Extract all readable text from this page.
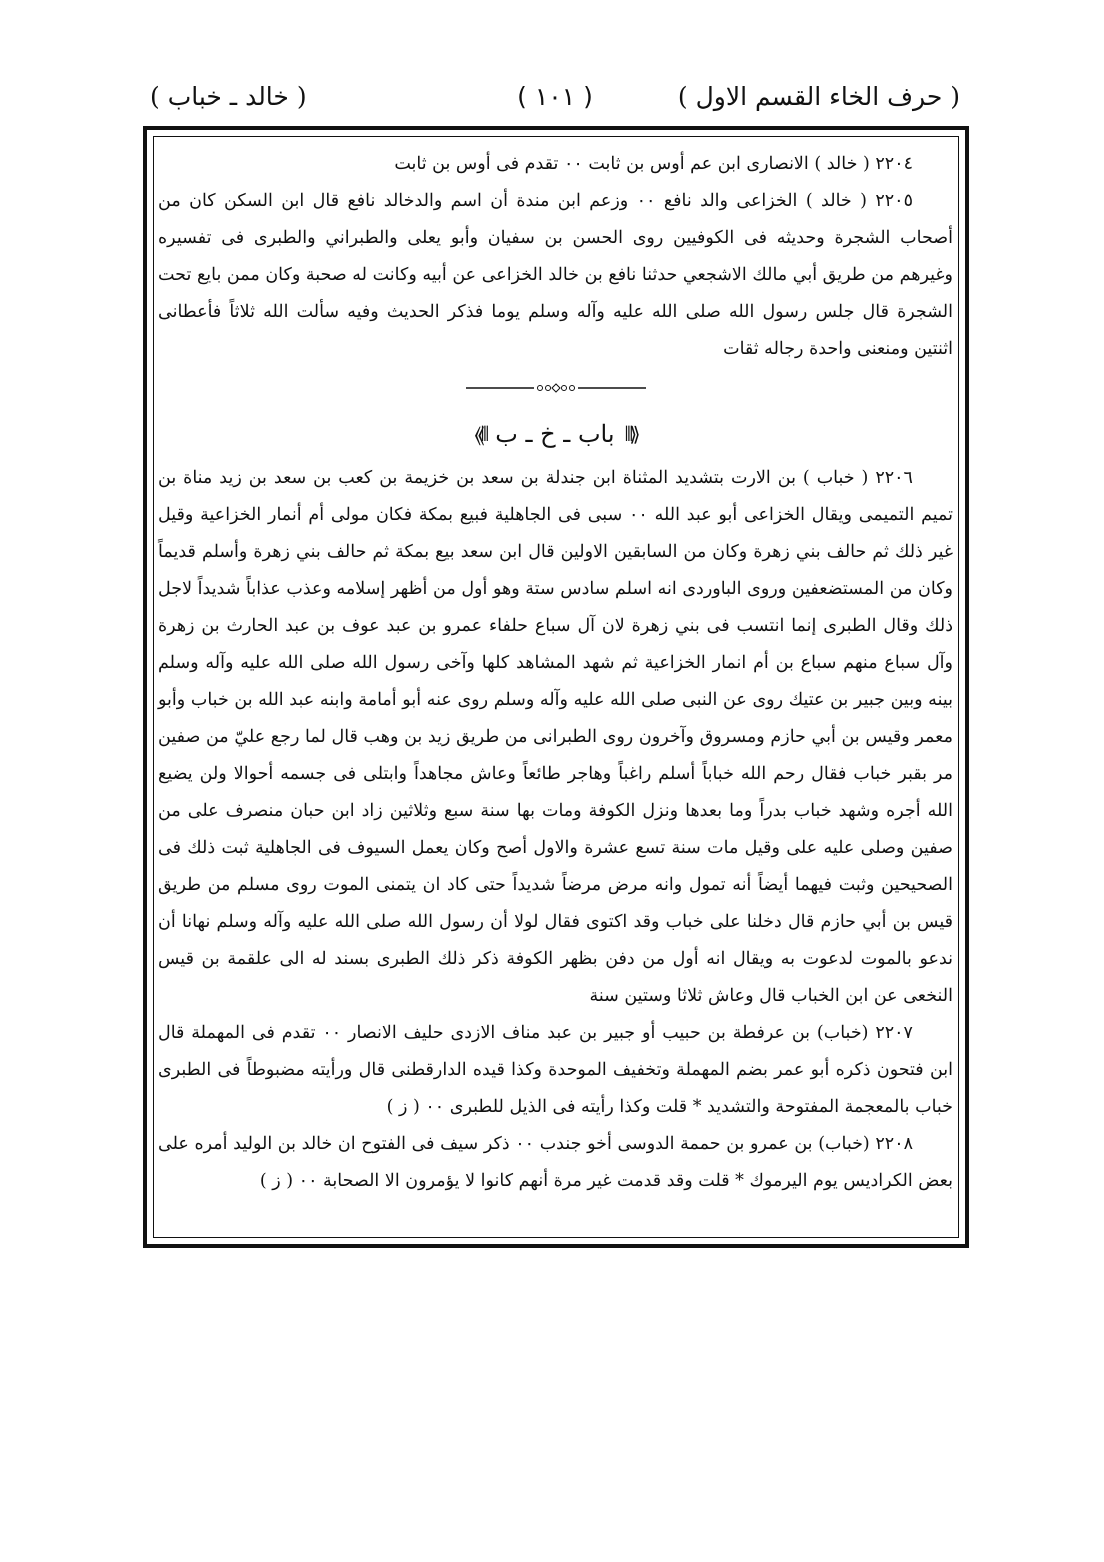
( حرف الخاء القسم الاول )
( ١٠١ )
( خالد ـ خباب )

٢٢٠٤ ( خالد ) الانصارى ابن عم أوس بن ثابت ٠٠ تقدم فى أوس بن ثابت

٢٢٠٥ ( خالد ) الخزاعى والد نافع ٠٠ وزعم ابن مندة أن اسم والدخالد نافع قال ابن السكن كان من أصحاب الشجرة وحديثه فى الكوفيين روى الحسن بن سفيان وأبو يعلى والطبراني والطبرى فى تفسيره وغيرهم من طريق أبي مالك الاشجعي حدثنا نافع بن خالد الخزاعى عن أبيه وكانت له صحبة وكان ممن بايع تحت الشجرة قال جلس رسول الله صلى الله عليه وآله وسلم يوما فذكر الحديث وفيه سألت الله ثلاثاً فأعطانى اثنتين ومنعنى واحدة رجاله ثقات

⟪⦀
باب ـ خ ـ ب
⦀⟫

٢٢٠٦ ( خباب ) بن الارت بتشديد المثناة ابن جندلة بن سعد بن خزيمة بن كعب بن سعد بن زيد مناة بن تميم التميمى ويقال الخزاعى أبو عبد الله ٠٠ سبى فى الجاهلية فبيع بمكة فكان مولى أم أنمار الخزاعية وقيل غير ذلك ثم حالف بني زهرة وكان من السابقين الاولين قال ابن سعد بيع بمكة ثم حالف بني زهرة وأسلم قديماً وكان من المستضعفين وروى الباوردى انه اسلم سادس ستة وهو أول من أظهر إسلامه وعذب عذاباً شديداً لاجل ذلك وقال الطبرى إنما انتسب فى بني زهرة لان آل سباع حلفاء عمرو بن عبد عوف بن عبد الحارث بن زهرة وآل سباع منهم سباع بن أم انمار الخزاعية ثم شهد المشاهد كلها وآخى رسول الله صلى الله عليه وآله وسلم بينه وبين جبير بن عتيك روى عن النبى صلى الله عليه وآله وسلم روى عنه أبو أمامة وابنه عبد الله بن خباب وأبو معمر وقيس بن أبي حازم ومسروق وآخرون روى الطبرانى من طريق زيد بن وهب قال لما رجع عليّ من صفين مر بقبر خباب فقال رحم الله خباباً أسلم راغباً وهاجر طائعاً وعاش مجاهداً وابتلى فى جسمه أحوالا ولن يضيع الله أجره وشهد خباب بدراً وما بعدها ونزل الكوفة ومات بها سنة سبع وثلاثين زاد ابن حبان منصرف على من صفين وصلى عليه على وقيل مات سنة تسع عشرة والاول أصح وكان يعمل السيوف فى الجاهلية ثبت ذلك فى الصحيحين وثبت فيهما أيضاً أنه تمول وانه مرض مرضاً شديداً حتى كاد ان يتمنى الموت روى مسلم من طريق قيس بن أبي حازم قال دخلنا على خباب وقد اكتوى فقال لولا أن رسول الله صلى الله عليه وآله وسلم نهانا أن ندعو بالموت لدعوت به ويقال انه أول من دفن بظهر الكوفة ذكر ذلك الطبرى بسند له الى علقمة بن قيس النخعى عن ابن الخباب قال وعاش ثلاثا وستين سنة

٢٢٠٧ (خباب) بن عرفطة بن حبيب أو جبير بن عبد مناف الازدى حليف الانصار ٠٠ تقدم فى المهملة قال ابن فتحون ذكره أبو عمر بضم المهملة وتخفيف الموحدة وكذا قيده الدارقطنى قال ورأيته مضبوطاً فى الطبرى خباب بالمعجمة المفتوحة والتشديد * قلت وكذا رأيته فى الذيل للطبرى ٠٠ ( ز )

٢٢٠٨ (خباب) بن عمرو بن حممة الدوسى أخو جندب ٠٠ ذكر سيف فى الفتوح ان خالد بن الوليد أمره على بعض الكراديس يوم اليرموك * قلت وقد قدمت غير مرة أنهم كانوا لا يؤمرون الا الصحابة ٠٠ ( ز )
